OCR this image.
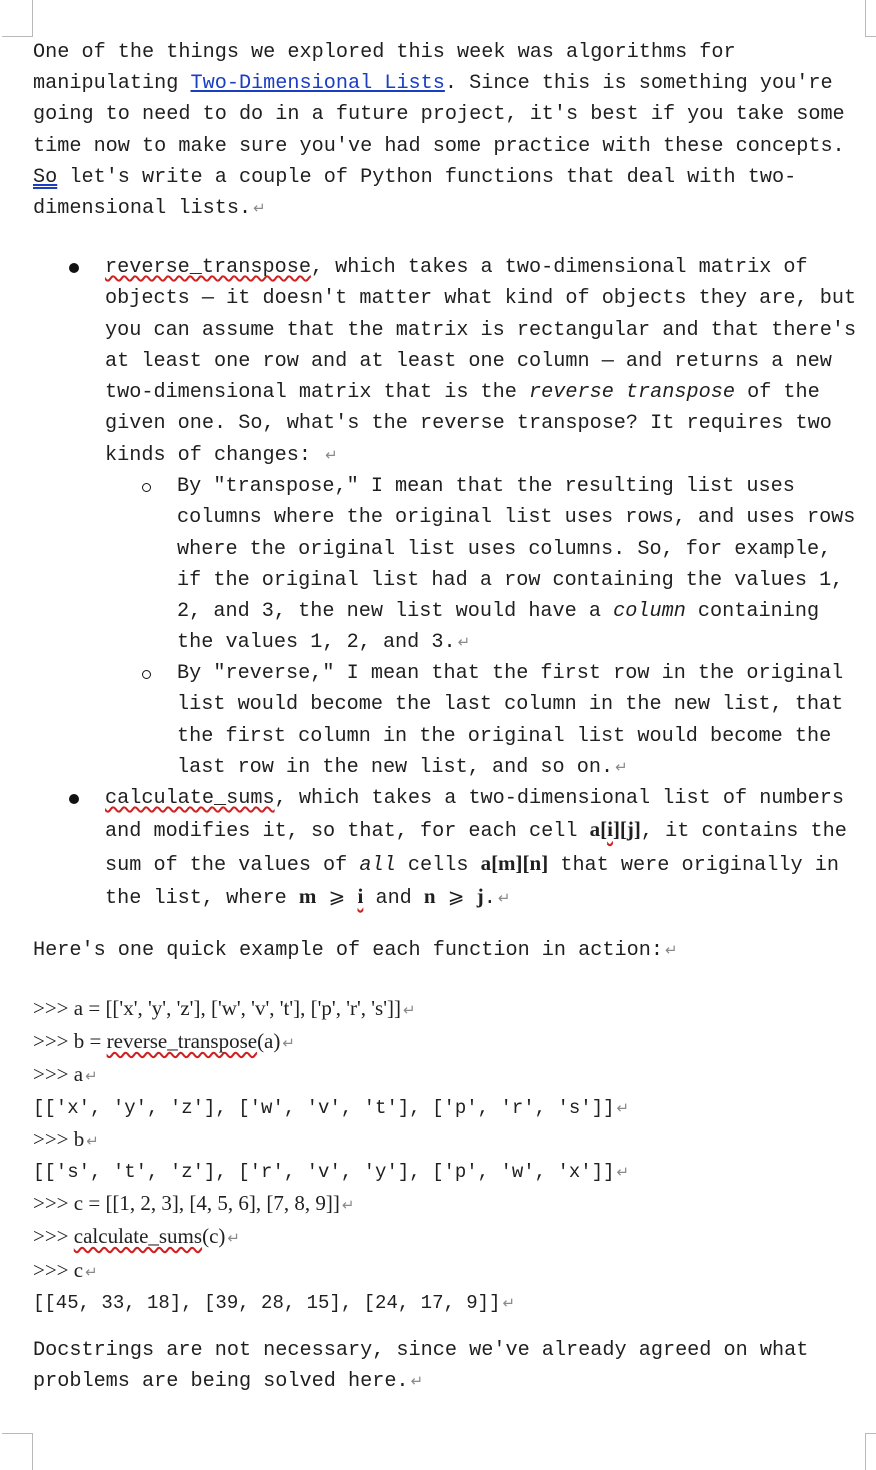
One of the things we explored this week was algorithms for manipulating Two-Dimensional Lists. Since this is something you're going to need to do in a future project, it's best if you take some time now to make sure you've had some practice with these concepts. So let's write a couple of Python functions that deal with two-dimensional lists. ↵
reverse_transpose, which takes a two-dimensional matrix of objects — it doesn't matter what kind of objects they are, but you can assume that the matrix is rectangular and that there's at least one row and at least one column — and returns a new two-dimensional matrix that is the reverse transpose of the given one. So, what's the reverse transpose? It requires two kinds of changes: ↵
By "transpose," I mean that the resulting list uses columns where the original list uses rows, and uses rows where the original list uses columns. So, for example, if the original list had a row containing the values 1, 2, and 3, the new list would have a column containing the values 1, 2, and 3. ↵
By "reverse," I mean that the first row in the original list would become the last column in the new list, that the first column in the original list would become the last row in the new list, and so on. ↵
calculate_sums, which takes a two-dimensional list of numbers and modifies it, so that, for each cell a[i][j], it contains the sum of the values of all cells a[m][n] that were originally in the list, where m ⩾ i and n ⩾ j. ↵
Here's one quick example of each function in action: ↵
>>> a = [['x', 'y', 'z'], ['w', 'v', 't'], ['p', 'r', 's']] ↵
>>> b = reverse_transpose(a) ↵
>>> a ↵
[['x', 'y', 'z'], ['w', 'v', 't'], ['p', 'r', 's']] ↵
>>> b ↵
[['s', 't', 'z'], ['r', 'v', 'y'], ['p', 'w', 'x']] ↵
>>> c = [[1, 2, 3], [4, 5, 6], [7, 8, 9]] ↵
>>> calculate_sums(c) ↵
>>> c ↵
[[45, 33, 18], [39, 28, 15], [24, 17, 9]] ↵
Docstrings are not necessary, since we've already agreed on what problems are being solved here. ↵
